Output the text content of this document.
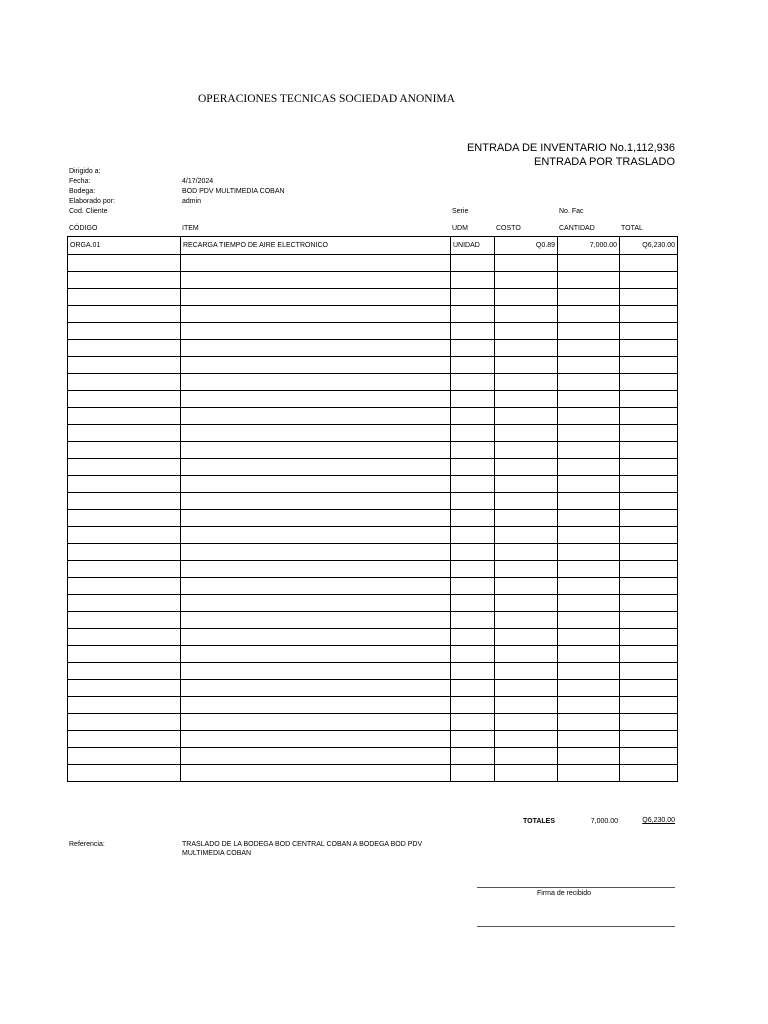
OPERACIONES TECNICAS SOCIEDAD ANONIMA
ENTRADA DE INVENTARIO No.1,112,936
ENTRADA POR TRASLADO
Dirigido a:
Fecha:	4/17/2024
Bodega:	BOD PDV MULTIMEDIA COBAN
Elaborado por:	admin
Cod. Cliente	Serie	No. Fac
CÓDIGO	ITEM	UDM	COSTO	CANTIDAD	TOTAL
ORGA.01	RECARGA TIEMPO DE AIRE ELECTRONICO	UNIDAD	Q0.89	7,000.00	Q6,230.00

TOTALES	7,000.00	Q6,230.00
Referencia:	TRASLADO DE LA BODEGA BOD CENTRAL COBAN A BODEGA BOD PDV MULTIMEDIA COBAN
Firma de recibido
